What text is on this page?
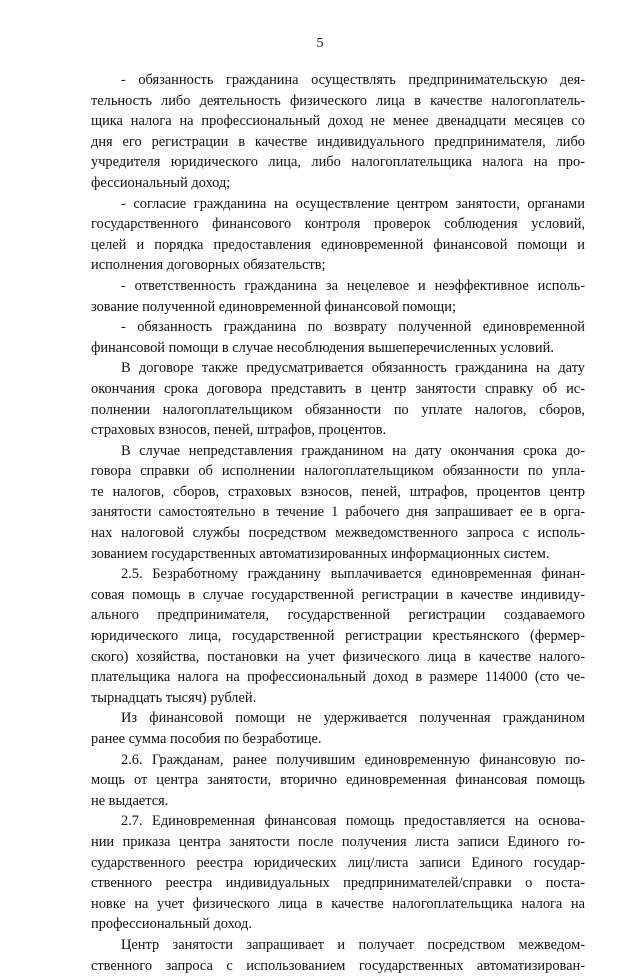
5
- обязанность гражданина осуществлять предпринимательскую дея-
тельность либо деятельность физического лица в качестве налогоплатель-
щика налога на профессиональный доход не менее двенадцати месяцев со
дня его регистрации в качестве индивидуального предпринимателя, либо
учредителя юридического лица, либо налогоплательщика налога на про-
фессиональный доход;
- согласие гражданина на осуществление центром занятости, органами
государственного финансового контроля проверок соблюдения условий,
целей и порядка предоставления единовременной финансовой помощи и
исполнения договорных обязательств;
- ответственность гражданина за нецелевое и неэффективное исполь-
зование полученной единовременной финансовой помощи;
- обязанность гражданина по возврату полученной единовременной
финансовой помощи в случае несоблюдения вышеперечисленных условий.
В договоре также предусматривается обязанность гражданина на дату
окончания срока договора представить в центр занятости справку об ис-
полнении налогоплательщиком обязанности по уплате налогов, сборов,
страховых взносов, пеней, штрафов, процентов.
В случае непредставления гражданином на дату окончания срока до-
говора справки об исполнении налогоплательщиком обязанности по упла-
те налогов, сборов, страховых взносов, пеней, штрафов, процентов центр
занятости самостоятельно в течение 1 рабочего дня запрашивает ее в орга-
нах налоговой службы посредством межведомственного запроса с исполь-
зованием государственных автоматизированных информационных систем.
2.5. Безработному гражданину выплачивается единовременная финан-
совая помощь в случае государственной регистрации в качестве индивиду-
ального предпринимателя, государственной регистрации создаваемого
юридического лица, государственной регистрации крестьянского (фермер-
ского) хозяйства, постановки на учет физического лица в качестве налого-
плательщика налога на профессиональный доход в размере 114000 (сто че-
тырнадцать тысяч) рублей.
Из финансовой помощи не удерживается полученная гражданином
ранее сумма пособия по безработице.
2.6. Гражданам, ранее получившим единовременную финансовую по-
мощь от центра занятости, вторично единовременная финансовая помощь
не выдается.
2.7. Единовременная финансовая помощь предоставляется на основа-
нии приказа центра занятости после получения листа записи Единого го-
сударственного реестра юридических лиц/листа записи Единого государ-
ственного реестра индивидуальных предпринимателей/справки о поста-
новке на учет физического лица в качестве налогоплательщика налога на
профессиональный доход.
Центр занятости запрашивает и получает посредством межведом-
ственного запроса с использованием государственных автоматизирован-
